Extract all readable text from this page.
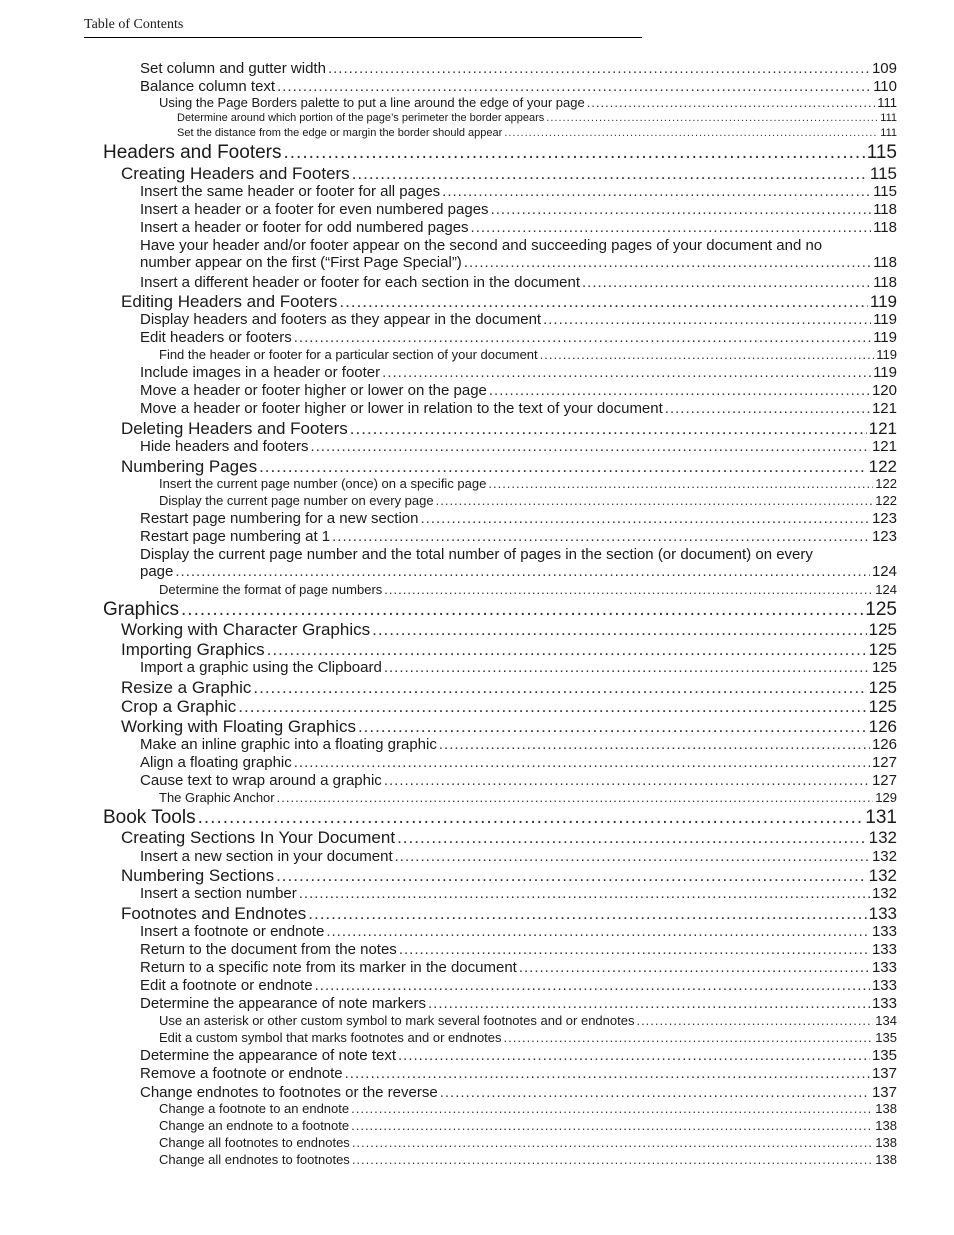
Table of Contents
Set column and gutter width .....	109
Balance column text .....	110
Using the Page Borders palette to put a line around the edge of your page .....	111
Determine around which portion of the page’s perimeter the border appears .....	111
Set the distance from the edge or margin the border should appear .....	111
Headers and Footers .....	115
Creating Headers and Footers .....	115
Insert the same header or footer for all pages .....	115
Insert a header or a footer for even numbered pages .....	118
Insert a header or footer for odd numbered pages .....	118
Have your header and/or footer appear on the second and succeeding pages of your document and no
number appear on the first (“First Page Special”) .....	118
Insert a different header or footer for each section in the document .....	118
Editing Headers and Footers .....	119
Display headers and footers as they appear in the document .....	119
Edit headers or footers .....	119
Find the header or footer for a particular section of your document .....	119
Include images in a header or footer .....	119
Move a header or footer higher or lower on the page .....	120
Move a header or footer higher or lower in relation to the text of your document .....	121
Deleting Headers and Footers .....	121
Hide headers and footers .....	121
Numbering Pages .....	122
Insert the current page number (once) on a specific page .....	122
Display the current page number on every page .....	122
Restart page numbering for a new section .....	123
Restart page numbering at 1 .....	123
Display the current page number and the total number of pages in the section (or document) on every
page .....	124
Determine the format of page numbers .....	124
Graphics .....	125
Working with Character Graphics .....	125
Importing Graphics .....	125
Import a graphic using the Clipboard .....	125
Resize a Graphic .....	125
Crop a Graphic .....	125
Working with Floating Graphics .....	126
Make an inline graphic into a floating graphic .....	126
Align a floating graphic .....	127
Cause text to wrap around a graphic .....	127
The Graphic Anchor .....	129
Book Tools .....	131
Creating Sections In Your Document .....	132
Insert a new section in your document .....	132
Numbering Sections .....	132
Insert a section number .....	132
Footnotes and Endnotes .....	133
Insert a footnote or endnote .....	133
Return to the document from the notes .....	133
Return to a specific note from its marker in the document .....	133
Edit a footnote or endnote .....	133
Determine the appearance of note markers .....	133
Use an asterisk or other custom symbol to mark several footnotes and or endnotes .....	134
Edit a custom symbol that marks footnotes and or endnotes .....	135
Determine the appearance of note text .....	135
Remove a footnote or endnote .....	137
Change endnotes to footnotes or the reverse .....	137
Change a footnote to an endnote .....	138
Change an endnote to a footnote .....	138
Change all footnotes to endnotes .....	138
Change all endnotes to footnotes .....	138
